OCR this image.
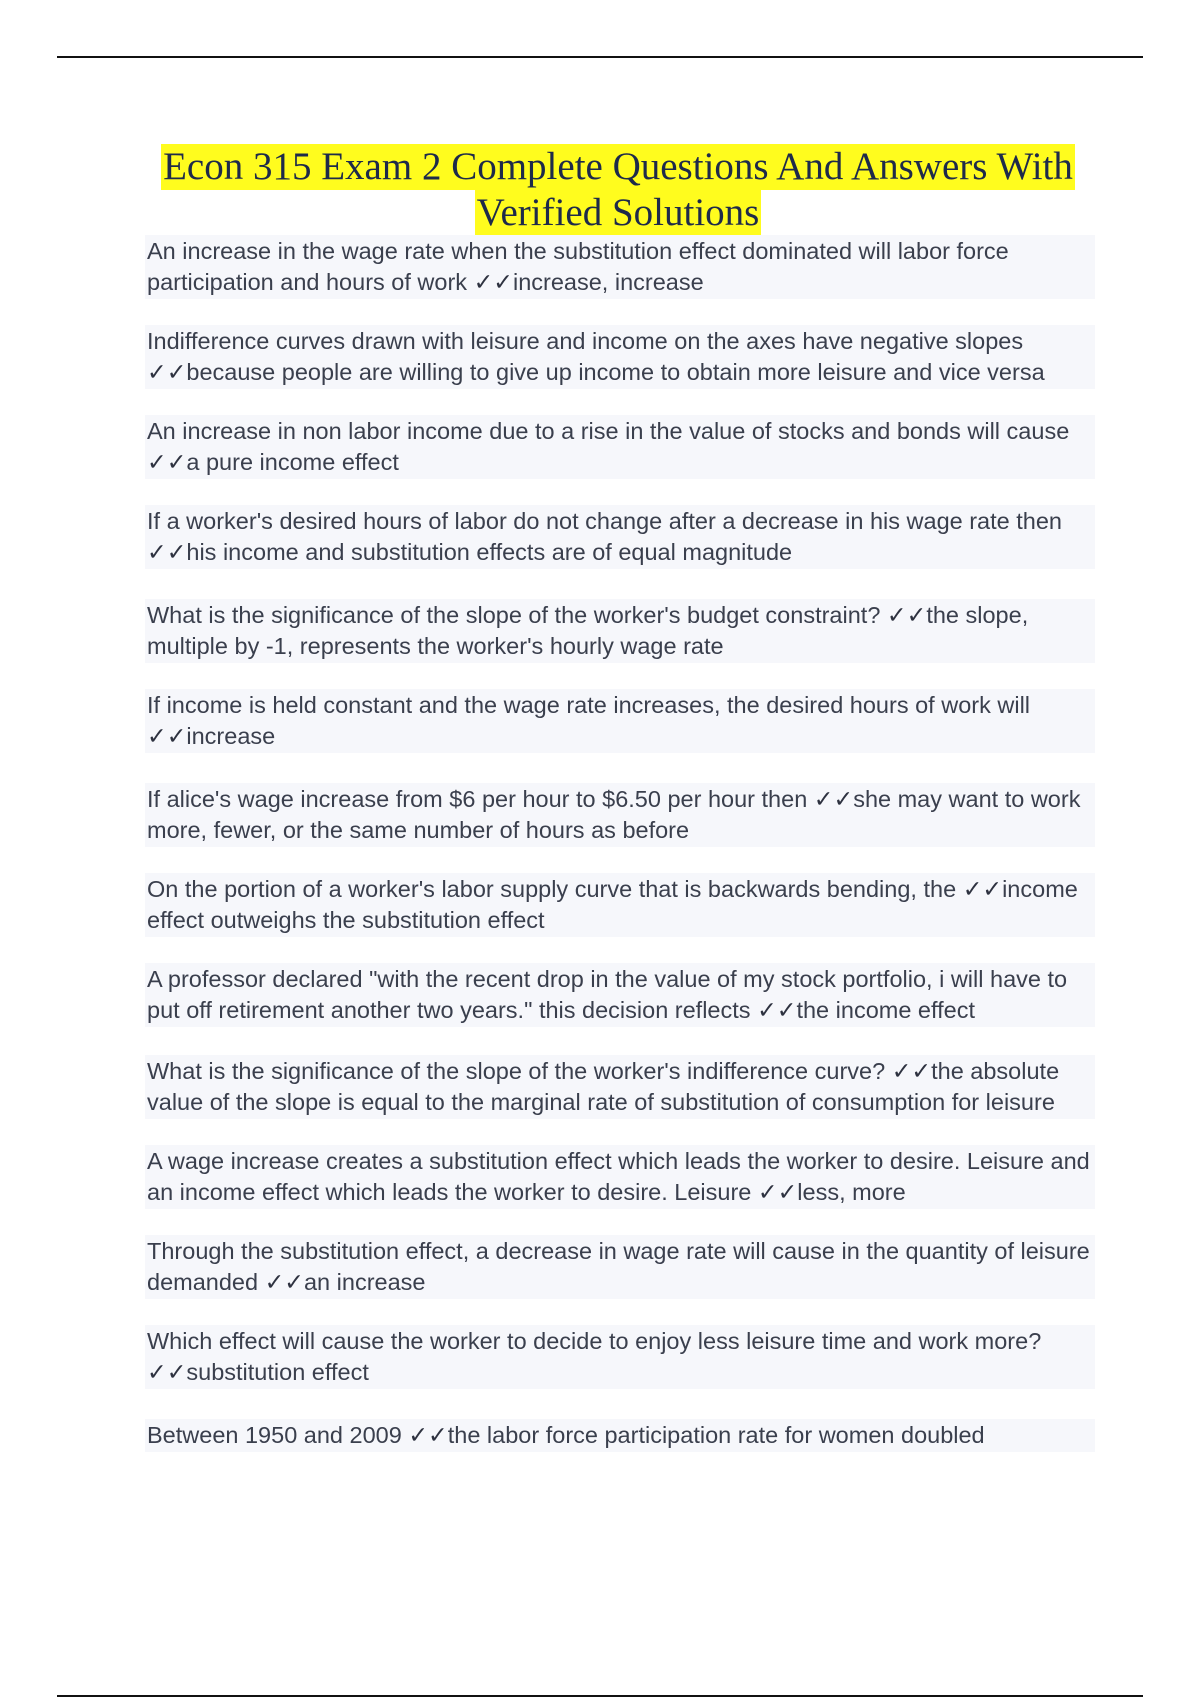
Econ 315 Exam 2 Complete Questions And Answers With
Verified Solutions

An increase in the wage rate when the substitution effect dominated will labor force participation and hours of work ✓✓increase, increase

Indifference curves drawn with leisure and income on the axes have negative slopes ✓✓because people are willing to give up income to obtain more leisure and vice versa

An increase in non labor income due to a rise in the value of stocks and bonds will cause ✓✓a pure income effect

If a worker's desired hours of labor do not change after a decrease in his wage rate then ✓✓his income and substitution effects are of equal magnitude

What is the significance of the slope of the worker's budget constraint? ✓✓the slope, multiple by -1, represents the worker's hourly wage rate

If income is held constant and the wage rate increases, the desired hours of work will ✓✓increase

If alice's wage increase from $6 per hour to $6.50 per hour then ✓✓she may want to work more, fewer, or the same number of hours as before

On the portion of a worker's labor supply curve that is backwards bending, the ✓✓income effect outweighs the substitution effect

A professor declared "with the recent drop in the value of my stock portfolio, i will have to put off retirement another two years." this decision reflects ✓✓the income effect

What is the significance of the slope of the worker's indifference curve? ✓✓the absolute value of the slope is equal to the marginal rate of substitution of consumption for leisure

A wage increase creates a substitution effect which leads the worker to desire. Leisure and an income effect which leads the worker to desire. Leisure ✓✓less, more

Through the substitution effect, a decrease in wage rate will cause in the quantity of leisure demanded ✓✓an increase

Which effect will cause the worker to decide to enjoy less leisure time and work more? ✓✓substitution effect

Between 1950 and 2009 ✓✓the labor force participation rate for women doubled
